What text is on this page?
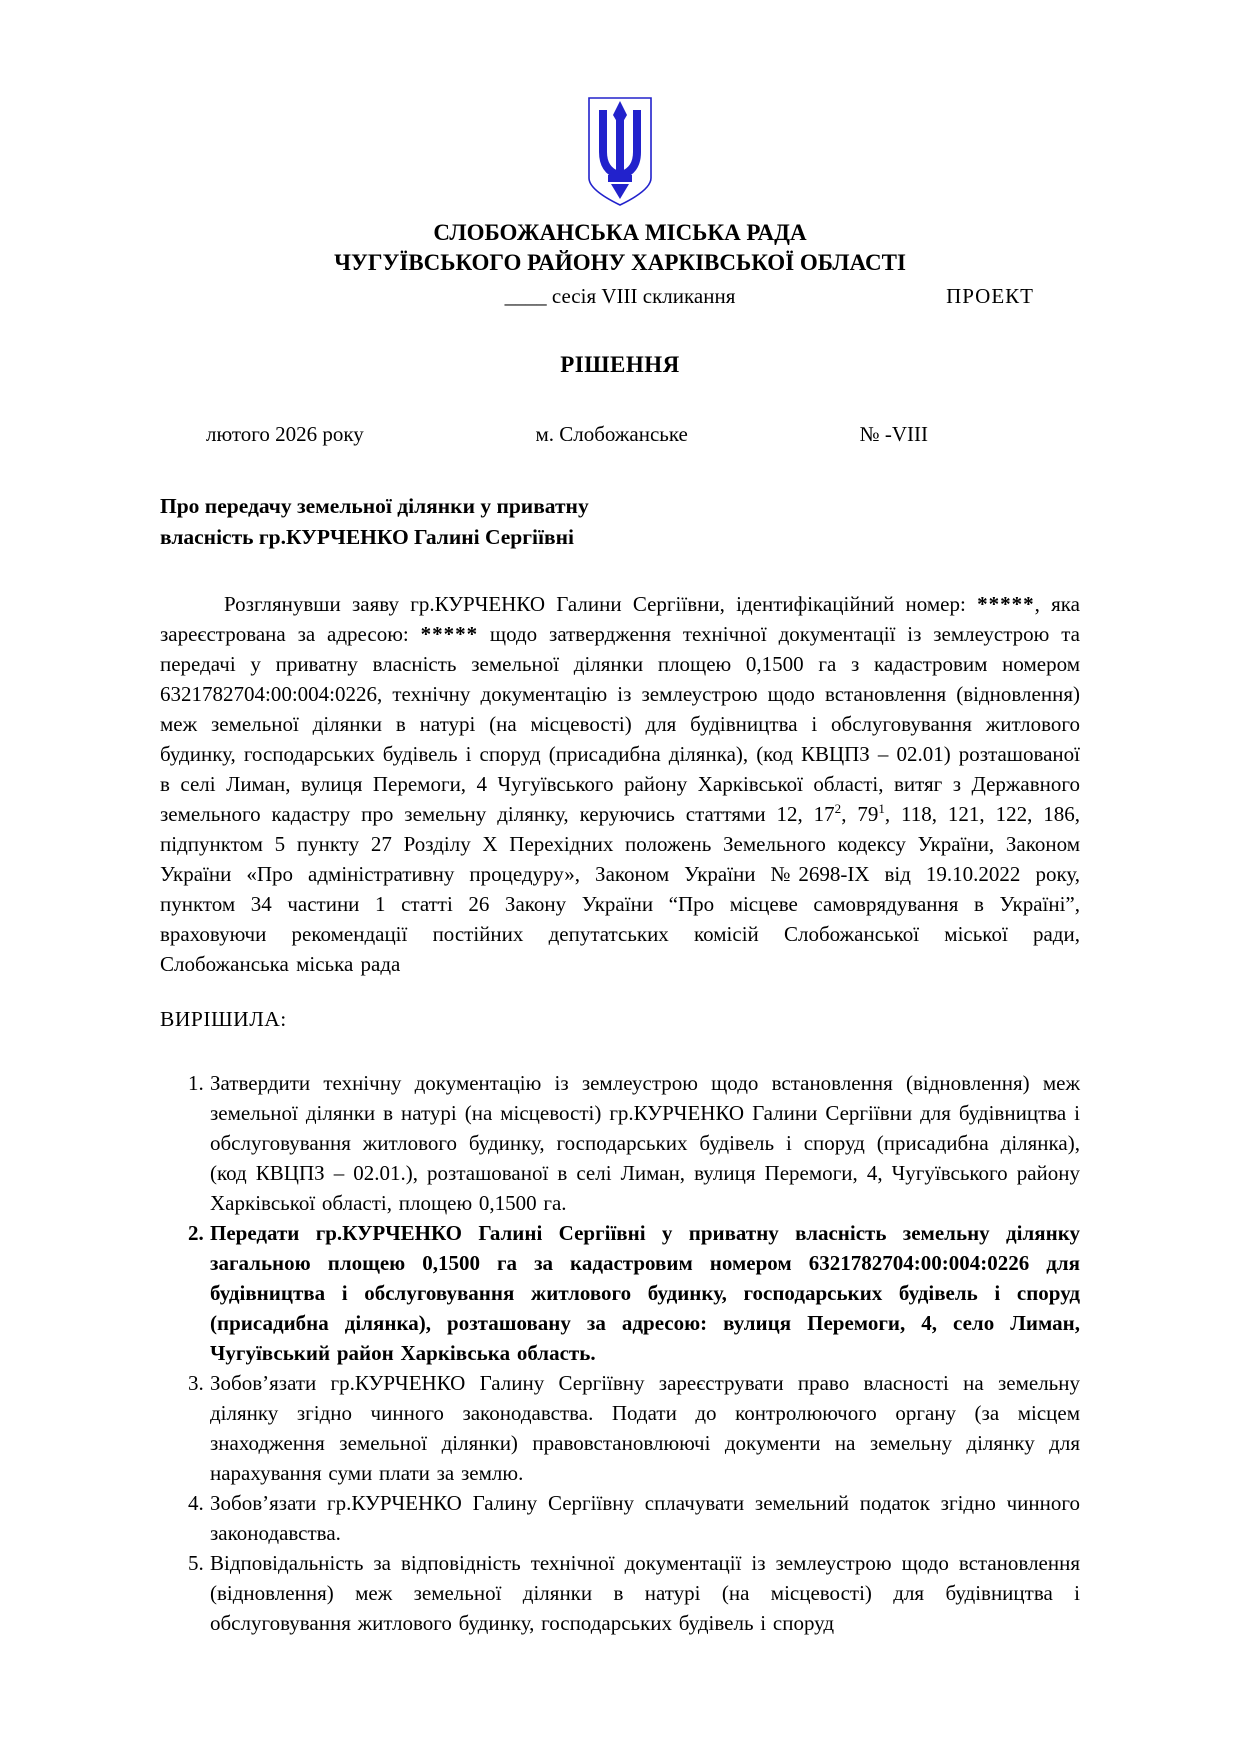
СЛОБОЖАНСЬКА МІСЬКА РАДА
ЧУГУЇВСЬКОГО РАЙОНУ ХАРКІВСЬКОЇ ОБЛАСТІ
____ сесія VIII скликання	ПРОЕКТ
РІШЕННЯ
лютого 2026 року	м. Слобожанське	№ -VIII
Про передачу земельної ділянки у приватну
власність гр.КУРЧЕНКО Галині Сергіївні

Розглянувши заяву гр.КУРЧЕНКО Галини Сергіївни, ідентифікаційний номер: *****, яка зареєстрована за адресою: ***** щодо затвердження технічної документації із землеустрою та передачі у приватну власність земельної ділянки площею 0,1500 га з кадастровим номером 6321782704:00:004:0226, технічну документацію із землеустрою щодо встановлення (відновлення) меж земельної ділянки в натурі (на місцевості) для будівництва і обслуговування житлового будинку, господарських будівель і споруд (присадибна ділянка), (код КВЦПЗ – 02.01) розташованої в селі Лиман, вулиця Перемоги, 4 Чугуївського району Харківської області, витяг з Державного земельного кадастру про земельну ділянку, керуючись статтями 12, $17^2$, $79^1$, 118, 121, 122, 186, підпунктом 5 пункту 27 Розділу Х Перехідних положень Земельного кодексу України, Законом України «Про адміністративну процедуру», Законом України №2698-ІХ від 19.10.2022 року, пунктом 34 частини 1 статті 26 Закону України “Про місцеве самоврядування в Україні”, враховуючи рекомендації постійних депутатських комісій Слобожанської міської ради, Слобожанська міська рада

ВИРІШИЛА:
1. Затвердити технічну документацію із землеустрою щодо встановлення (відновлення) меж земельної ділянки в натурі (на місцевості) гр.КУРЧЕНКО Галини Сергіївни для будівництва і обслуговування житлового будинку, господарських будівель і споруд (присадибна ділянка), (код КВЦПЗ – 02.01.), розташованої в селі Лиман, вулиця Перемоги, 4, Чугуївського району Харківської області, площею 0,1500 га.
2. Передати гр.КУРЧЕНКО Галині Сергіївні у приватну власність земельну ділянку загальною площею 0,1500 га за кадастровим номером 6321782704:00:004:0226 для будівництва і обслуговування житлового будинку, господарських будівель і споруд (присадибна ділянка), розташовану за адресою: вулиця Перемоги, 4, село Лиман, Чугуївський район Харківська область.
3. Зобов’язати гр.КУРЧЕНКО Галину Сергіївну зареєструвати право власності на земельну ділянку згідно чинного законодавства. Подати до контролюючого органу (за місцем знаходження земельної ділянки) правовстановлюючі документи на земельну ділянку для нарахування суми плати за землю.
4. Зобов’язати гр.КУРЧЕНКО Галину Сергіївну сплачувати земельний податок згідно чинного законодавства.
5. Відповідальність за відповідність технічної документації із землеустрою щодо встановлення (відновлення) меж земельної ділянки в натурі (на місцевості) для будівництва і обслуговування житлового будинку, господарських будівель і споруд
